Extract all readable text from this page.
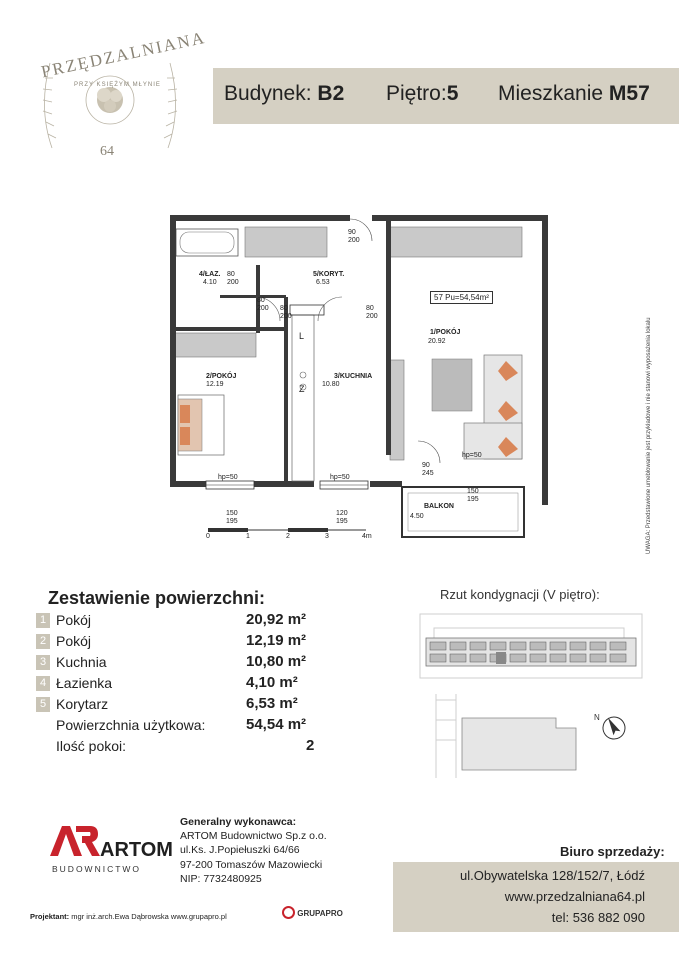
PRZĘDZALNIANA
PRZY KSIĘŻYM MŁYNIE
64
Budynek: B2 Piętro:5 Mieszkanie M57
4/ŁAZ.
4.10
5/KORYT.
6.53
1/POKÓJ
20.92
2/POKÓJ
12.19
3/KUCHNIA
10.80
BALKON
4.50
57 Pu=54,54m²
80
200
80
200
90
200
80
200
80
200
90
245
hp=50	hp=50
hp=50
150
195
120
195
150
195
L
Z
0	1	2	3	4m	UWAGA: Przedstawione umeblowanie jest przykładowe i nie stanowi wyposażenia lokalu
Zestawienie powierzchni:
1 Pokój	20,92 m²
2 Pokój	12,19 m²
3 Kuchnia	10,80 m²
4 Łazienka	4,10 m²
5 Korytarz	6,53 m²
Powierzchnia użytkowa:	54,54 m²
Ilość pokoi:	2
Rzut kondygnacji (V piętro):
N
ARTOM
BUDOWNICTWO
Generalny wykonawca:
ARTOM Budownictwo Sp.z o.o.
ul.Ks. J.Popiełuszki 64/66
97-200 Tomaszów Mazowiecki
NIP: 7732480925
Biuro sprzedaży:
ul.Obywatelska 128/152/7, Łódź
www.przedzalniana64.pl
tel: 536 882 090
Projektant: mgr inż.arch.Ewa Dąbrowska www.grupapro.pl	GRUPAPRO
